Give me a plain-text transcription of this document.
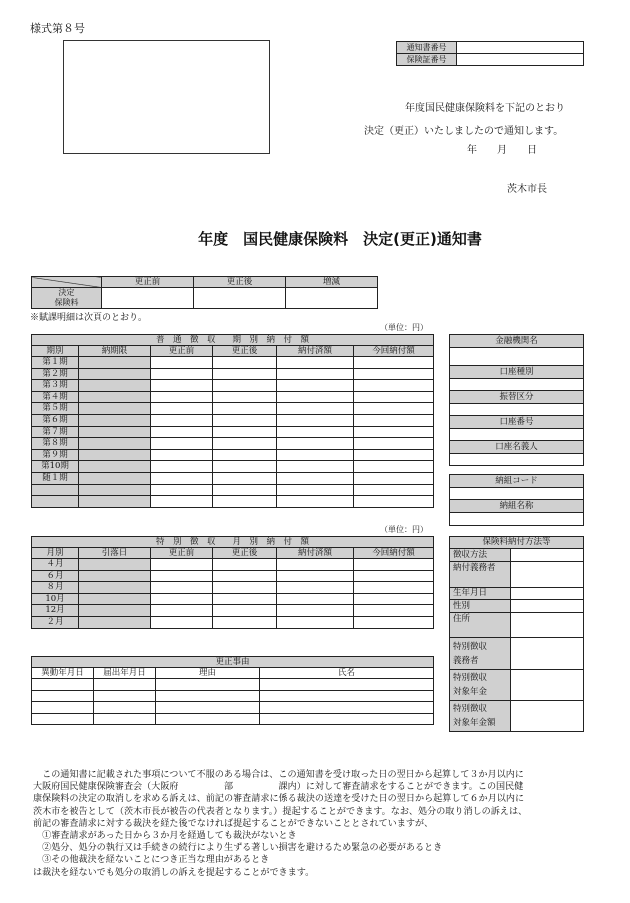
様式第８号
通知書番号	
保険証番号	
年度国民健康保険料を下記のとおり
決定（更正）いたしましたので通知します。
年　　月　　日
茨木市長
年度　国民健康保険料　決定(更正)通知書
	更正前	更正後	増減

決定
保険料			

※賦課明細は次頁のとおり。
（単位：円）
普　通　徴　収　　期　別　納　付　額					
期別	納期限	更正前	更正後	納付済額	今回納付額
第１期					
第２期					
第３期					
第４期					
第５期					
第６期					
第７期					
第８期					
第９期					
第10期					
随１期					

（単位：円）
特　別　徴　収　　月　別　納　付　額					
月別	引落日	更正前	更正後	納付済額	今回納付額
４月					
６月					
８月					
10月					
12月					
２月					
更正事由			
異動年月日	届出年月日	理由	氏名

金融機関名

口座種別

振替区分

口座番号

口座名義人

納組コード

納組名称

保険料納付方法等	
徴収方法	
納付義務者	
生年月日	
性別	
住所	

特別徴収
義務者	

特別徴収
対象年金	

特別徴収
対象年金額	

　この通知書に記載された事項について不服のある場合は、この通知書を受け取った日の翌日から起算して３か月以内に
大阪府国民健康保険審査会（大阪府　　　　　部　　　　　課内）に対して審査請求をすることができます。この国民健
康保険料の決定の取消しを求める訴えは、前記の審査請求に係る裁決の送達を受けた日の翌日から起算して６か月以内に
茨木市を被告として（茨木市長が被告の代表者となります。）提起することができます。なお、処分の取り消しの訴えは、
前記の審査請求に対する裁決を経た後でなければ提起することができないこととされていますが、
　①審査請求があった日から３か月を経過しても裁決がないとき
　②処分、処分の執行又は手続きの続行により生ずる著しい損害を避けるため緊急の必要があるとき
　③その他裁決を経ないことにつき正当な理由があるとき
は裁決を経ないでも処分の取消しの訴えを提起することができます。
